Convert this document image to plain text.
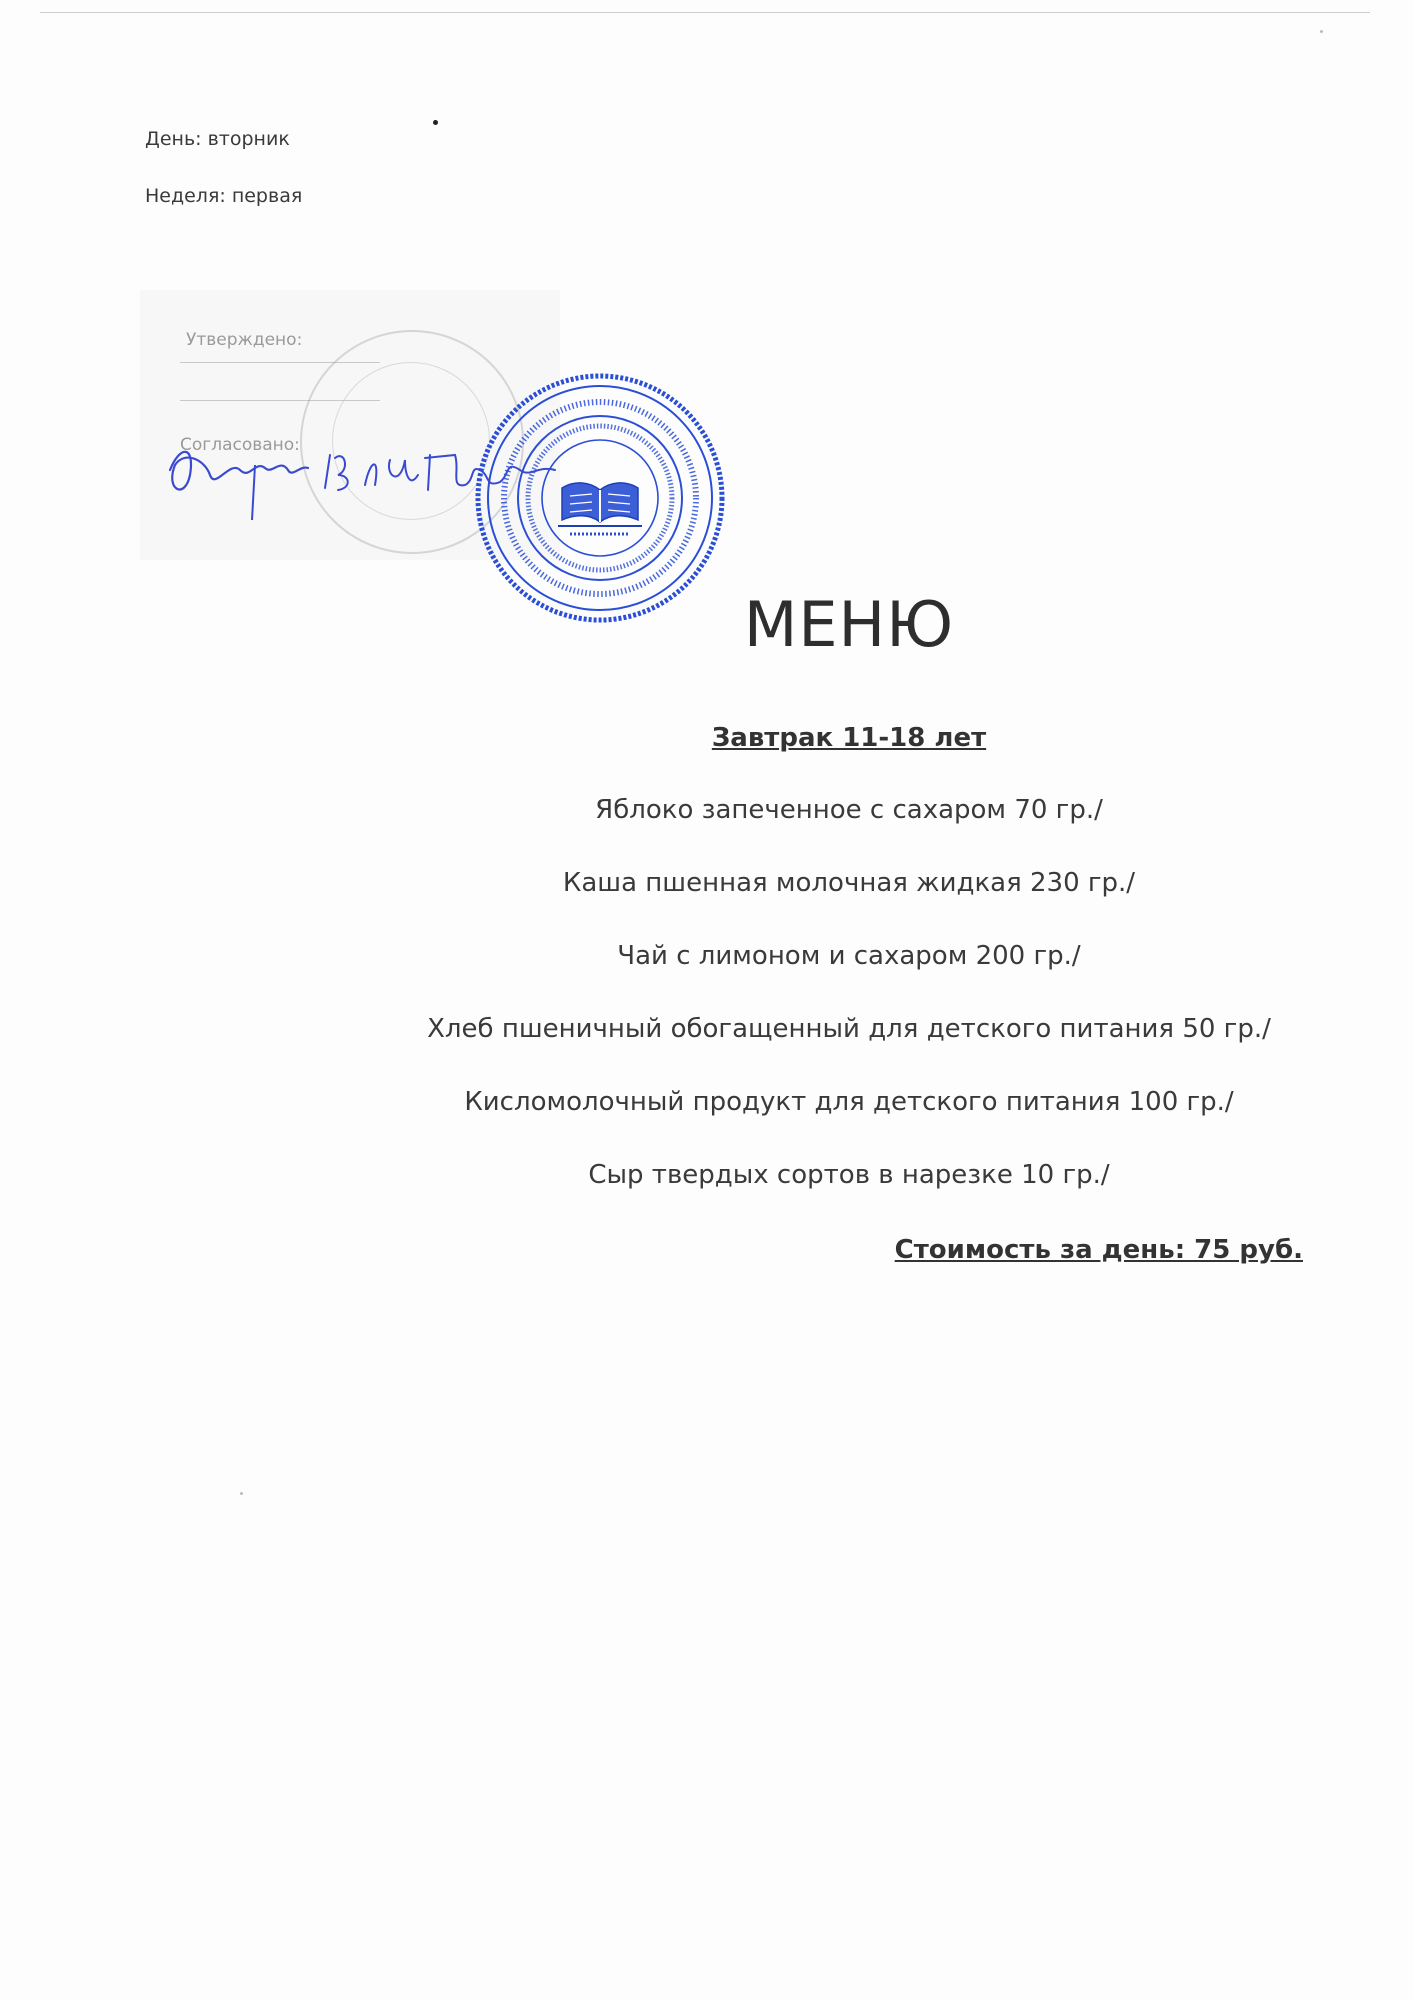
День: вторник
Неделя: первая
Утверждено:
Согласовано:
МЕНЮ
Завтрак 11-18 лет
Яблоко запеченное с сахаром 70 гр./
Каша пшенная молочная жидкая 230 гр./
Чай с лимоном и сахаром 200 гр./
Хлеб пшеничный обогащенный для детского питания 50 гр./
Кисломолочный продукт для детского питания 100 гр./
Сыр твердых сортов в нарезке 10 гр./
Стоимость за день: 75 руб.
